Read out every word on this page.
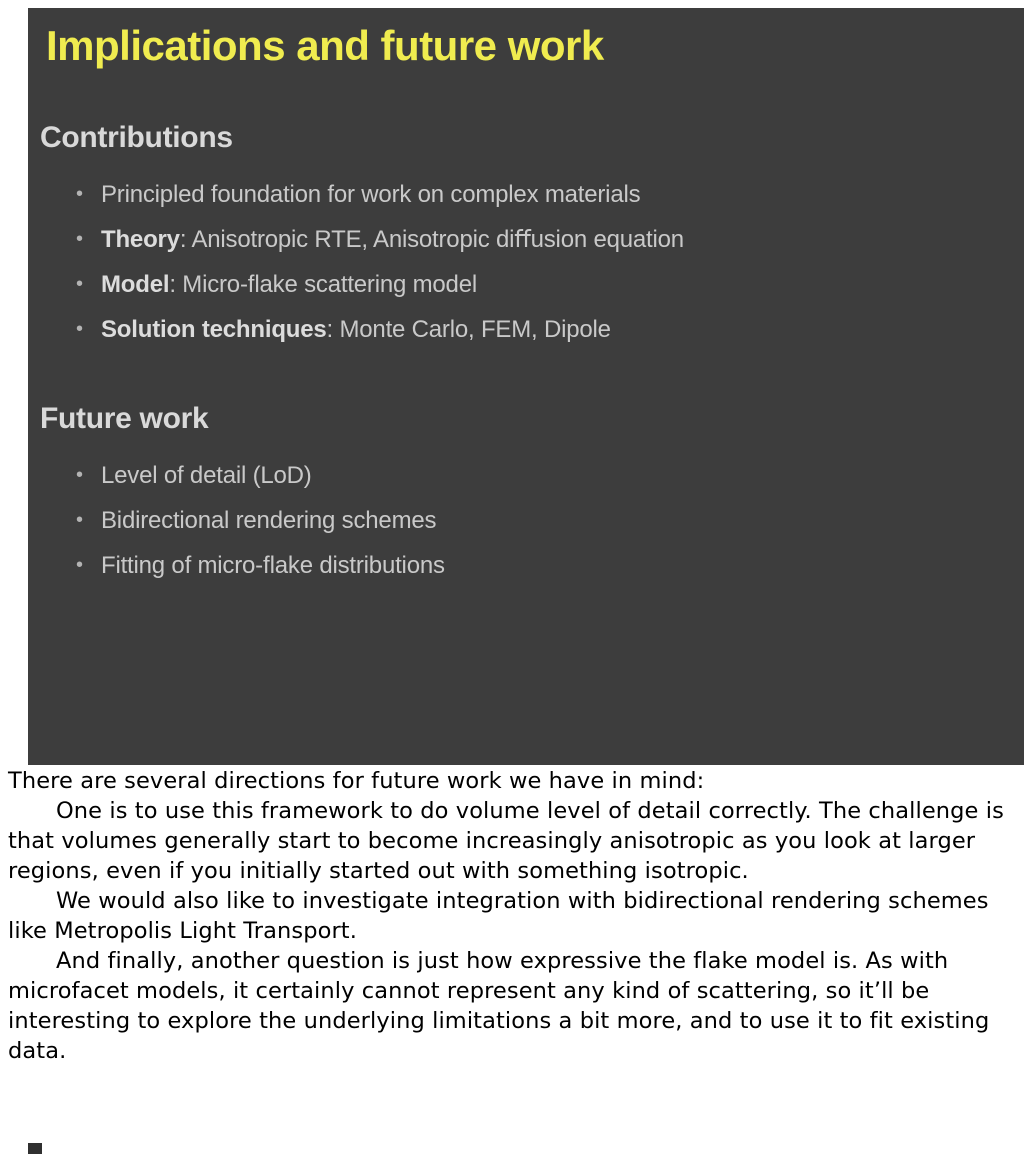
Implications and future work
Contributions
• Principled foundation for work on complex materials
• Theory: Anisotropic RTE, Anisotropic diﬀusion equation
• Model: Micro-ﬂake scattering model
• Solution techniques: Monte Carlo, FEM, Dipole
Future work
• Level of detail (LoD)
• Bidirectional rendering schemes
• Fitting of micro-ﬂake distributions

There are several directions for future work we have in mind:

One is to use this framework to do volume level of detail correctly. The challenge is that volumes generally start to become increasingly anisotropic as you look at larger regions, even if you initially started out with something isotropic.

We would also like to investigate integration with bidirectional rendering schemes like Metropolis Light Transport.

And finally, another question is just how expressive the flake model is. As with microfacet models, it certainly cannot represent any kind of scattering, so it’ll be interesting to explore the underlying limitations a bit more, and to use it to fit existing data.
